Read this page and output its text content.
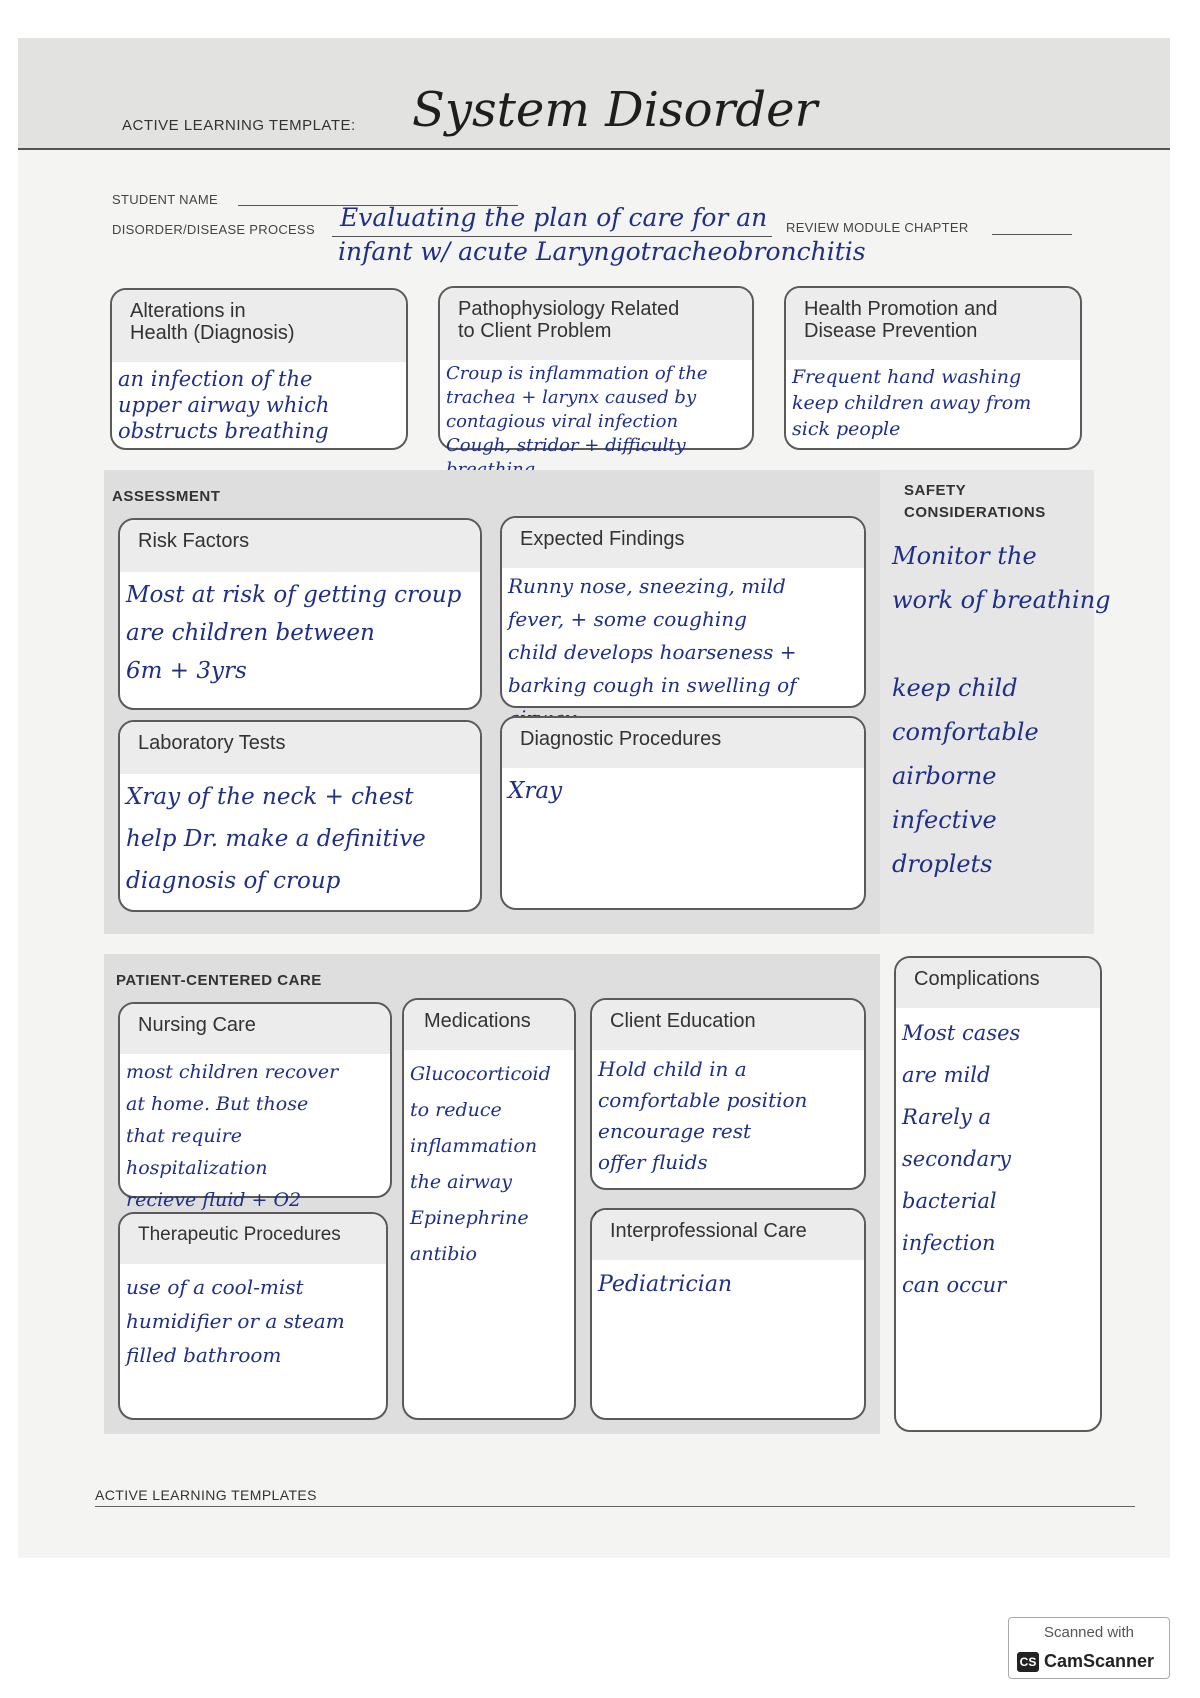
ACTIVE LEARNING TEMPLATE: System Disorder
STUDENT NAME
DISORDER/DISEASE PROCESS Evaluating the plan of care for an
infant w/ acute Laryngotracheobronchitis
REVIEW MODULE CHAPTER
Alterations in
Health (Diagnosis)
an infection of the
upper airway which
obstructs breathing
Pathophysiology Related
to Client Problem
Croup is inflammation of the
trachea + larynx caused by
contagious viral infection
Cough, stridor + difficulty
Health Promotion and
Disease Prevention
Frequent hand washing
keep children away from
sick people
ASSESSMENT
Risk Factors
Most at risk of getting croup
are children between
6m + 3yrs
Expected Findings
Runny nose, sneezing, mild
fever, + some coughing
child develops hoarseness +
barking cough in swelling of
Laboratory Tests
Xray of the neck + chest
help Dr. make a definitive
diagnosis of croup
Diagnostic Procedures
Xray
SAFETY
CONSIDERATIONS
Monitor the
work of breathing

keep child
comfortable
airborne
infective
droplets
PATIENT-CENTERED CARE
Nursing Care
most children recover
at home. But those
that require hospitalization
recieve fluid + O2
Therapeutic Procedures
use of a cool-mist
humidifier or a steam
filled bathroom
Medications
Glucocorticoid
to reduce
inflammation
the airway
Epinephrine
antibio
Client Education
Hold child in a
comfortable position
encourage rest
offer fluids
Interprofessional Care
Pediatrician
Complications
Most cases
are mild
Rarely a
secondary
bacterial infection
can occur
ACTIVE LEARNING TEMPLATES
Scanned with
CS CamScanner
